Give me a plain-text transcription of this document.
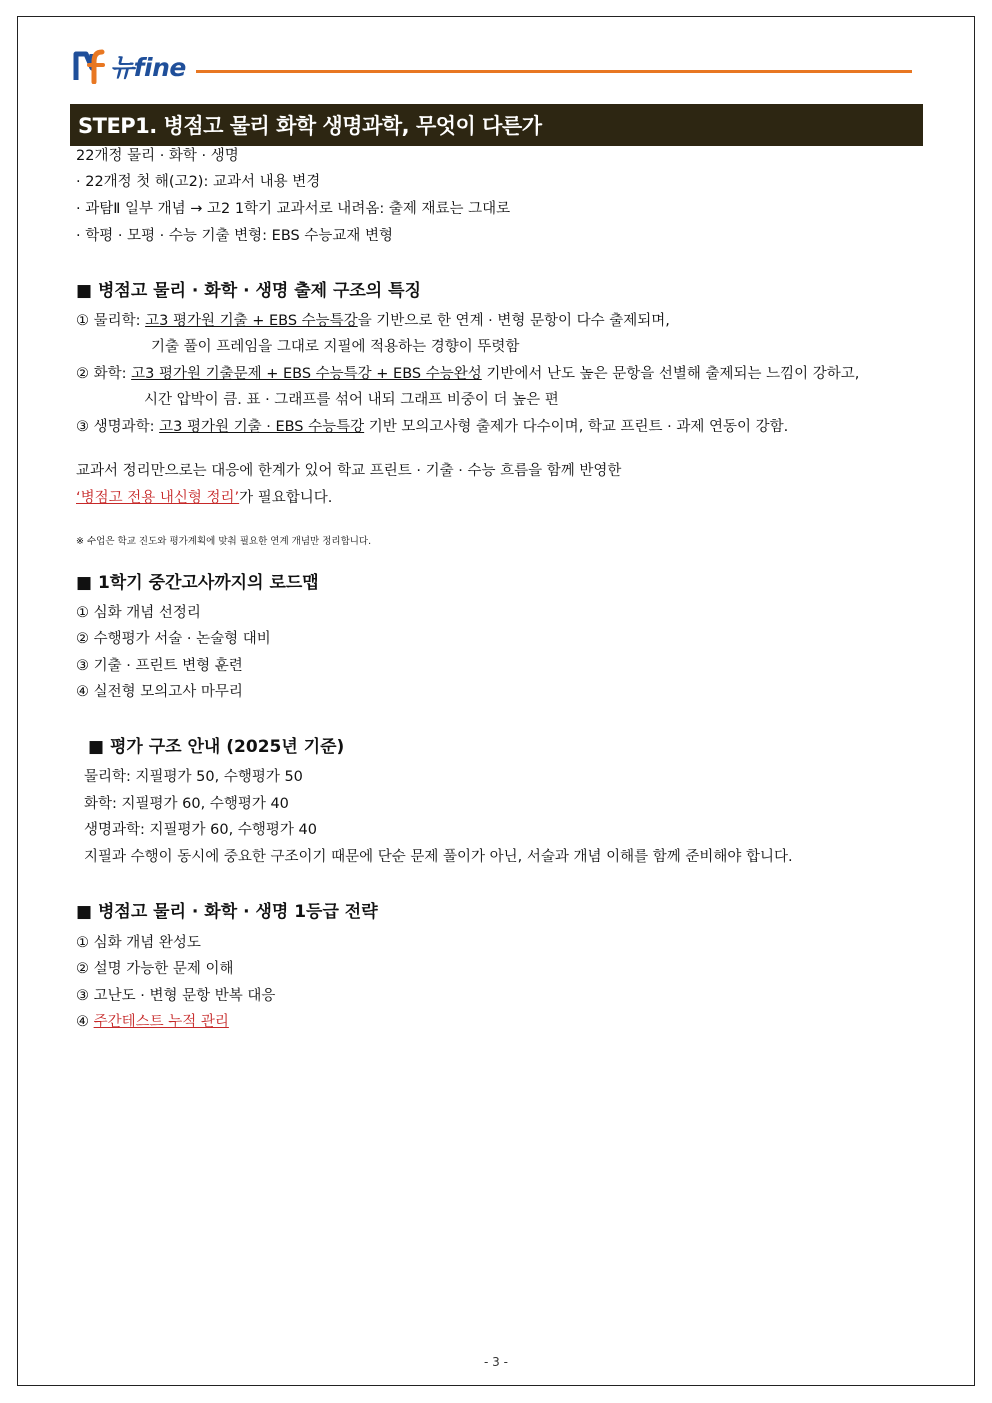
뉴fine
STEP1. 병점고 물리 화학 생명과학, 무엇이 다른가
22개정 물리 · 화학 · 생명
· 22개정 첫 해(고2): 교과서 내용 변경
· 과탐Ⅱ 일부 개념 → 고2 1학기 교과서로 내려옴: 출제 재료는 그대로
· 학평 · 모평 · 수능 기출 변형: EBS 수능교재 변형
■ 병점고 물리 · 화학 · 생명 출제 구조의 특징
① 물리학: 고3 평가원 기출 + EBS 수능특강을 기반으로 한 연계 · 변형 문항이 다수 출제되며,
기출 풀이 프레임을 그대로 지필에 적용하는 경향이 뚜렷함
② 화학: 고3 평가원 기출문제 + EBS 수능특강 + EBS 수능완성 기반에서 난도 높은 문항을 선별해 출제되는 느낌이 강하고,
시간 압박이 큼. 표 · 그래프를 섞어 내되 그래프 비중이 더 높은 편
③ 생명과학: 고3 평가원 기출 · EBS 수능특강 기반 모의고사형 출제가 다수이며, 학교 프린트 · 과제 연동이 강함.
교과서 정리만으로는 대응에 한계가 있어 학교 프린트 · 기출 · 수능 흐름을 함께 반영한
‘병점고 전용 내신형 정리’가 필요합니다.
※ 수업은 학교 진도와 평가계획에 맞춰 필요한 연계 개념만 정리합니다.
■ 1학기 중간고사까지의 로드맵
① 심화 개념 선정리
② 수행평가 서술 · 논술형 대비
③ 기출 · 프린트 변형 훈련
④ 실전형 모의고사 마무리
■ 평가 구조 안내 (2025년 기준)
물리학: 지필평가 50, 수행평가 50
화학: 지필평가 60, 수행평가 40
생명과학: 지필평가 60, 수행평가 40
지필과 수행이 동시에 중요한 구조이기 때문에 단순 문제 풀이가 아닌, 서술과 개념 이해를 함께 준비해야 합니다.
■ 병점고 물리 · 화학 · 생명 1등급 전략
① 심화 개념 완성도
② 설명 가능한 문제 이해
③ 고난도 · 변형 문항 반복 대응
④ 주간테스트 누적 관리
- 3 -
